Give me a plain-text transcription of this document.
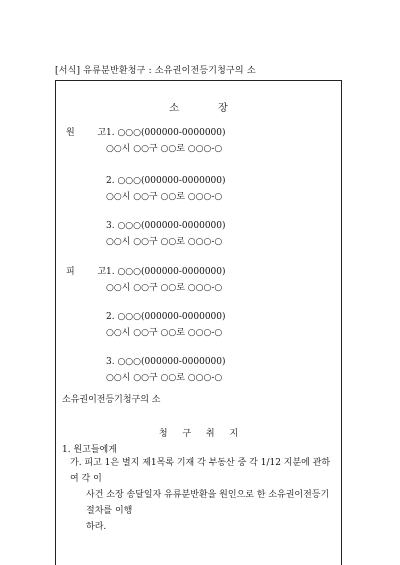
[서식] 유류분반환청구 : 소유권이전등기청구의 소
소 장
원 고
1. ○○○(000000-0000000)
○○시 ○○구 ○○로 ○○○-○
2. ○○○(000000-0000000)
○○시 ○○구 ○○로 ○○○-○
3. ○○○(000000-0000000)
○○시 ○○구 ○○로 ○○○-○
피 고
1. ○○○(000000-0000000)
○○시 ○○구 ○○로 ○○○-○
2. ○○○(000000-0000000)
○○시 ○○구 ○○로 ○○○-○
3. ○○○(000000-0000000)
○○시 ○○구 ○○로 ○○○-○
소유권이전등기청구의 소
청 구 취 지
1. 원고들에게
가. 피고 1은 별지 제1목록 기재 각 부동산 중 각 1/12 지분에 관하여 각 이
사건 소장 송달일자 유류분반환을 원인으로 한 소유권이전등기절차를 이행
하라.
